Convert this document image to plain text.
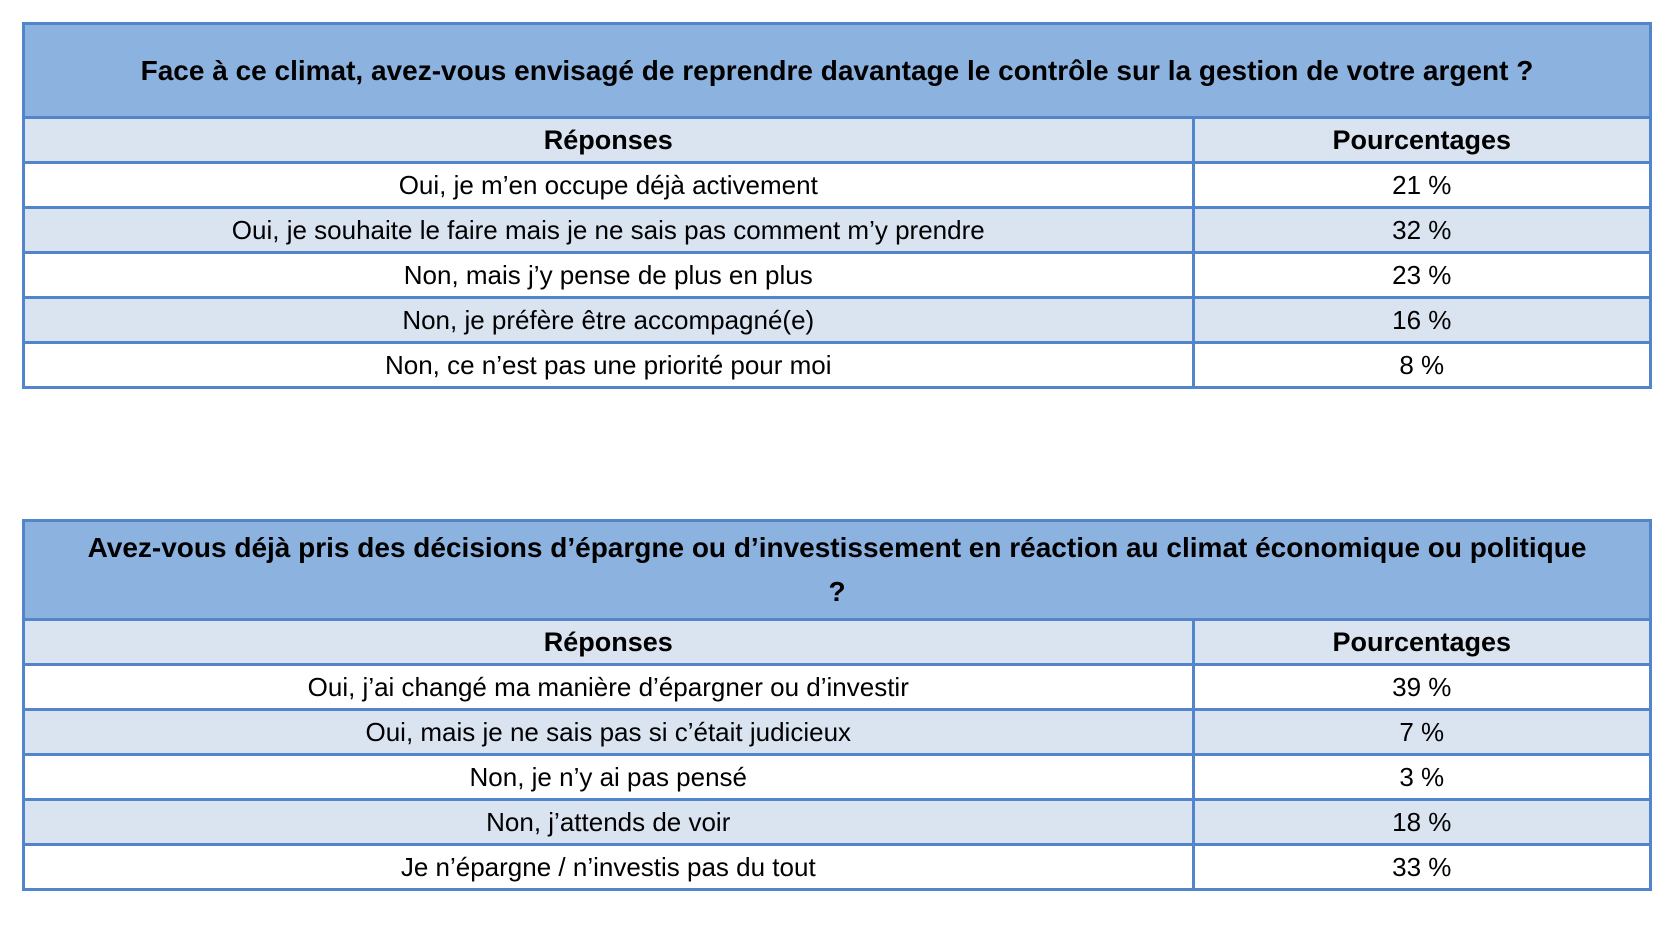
Face à ce climat, avez-vous envisagé de reprendre davantage le contrôle sur la gestion de votre argent ?
Réponses	Pourcentages
Oui, je m’en occupe déjà activement	21 %
Oui, je souhaite le faire mais je ne sais pas comment m’y prendre	32 %
Non, mais j’y pense de plus en plus	23 %
Non, je préfère être accompagné(e)	16 %
Non, ce n’est pas une priorité pour moi	8 %
Avez-vous déjà pris des décisions d’épargne ou d’investissement en réaction au climat économique ou politique ?
Réponses	Pourcentages
Oui, j’ai changé ma manière d’épargner ou d’investir	39 %
Oui, mais je ne sais pas si c’était judicieux	7 %
Non, je n’y ai pas pensé	3 %
Non, j’attends de voir	18 %
Je n’épargne / n’investis pas du tout	33 %
